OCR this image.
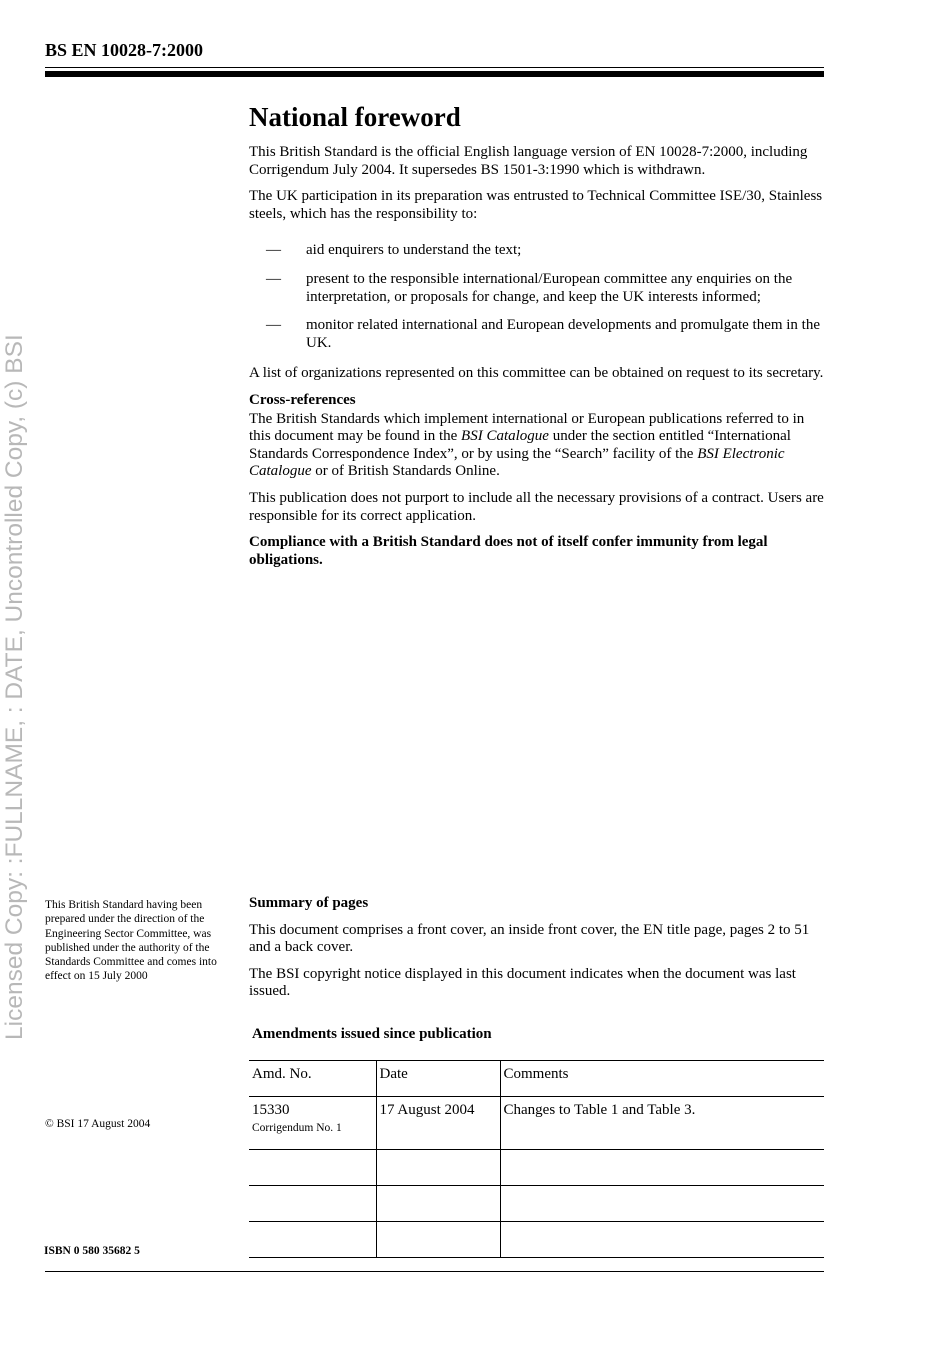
BS EN 10028-7:2000
Licensed Copy: :FULLNAME, : DATE, Uncontrolled Copy, (c) BSI
National foreword

This British Standard is the official English language version of EN 10028-7:2000, including Corrigendum July 2004. It supersedes BS 1501-3:1990 which is withdrawn.

The UK participation in its preparation was entrusted to Technical Committee ISE/30, Stainless steels, which has the responsibility to:

— aid enquirers to understand the text;
— present to the responsible international/European committee any enquiries on the interpretation, or proposals for change, and keep the UK interests informed;
— monitor related international and European developments and promulgate them in the UK.

A list of organizations represented on this committee can be obtained on request to its secretary.

Cross-references

The British Standards which implement international or European publications referred to in this document may be found in the BSI Catalogue under the section entitled “International Standards Correspondence Index”, or by using the “Search” facility of the BSI Electronic Catalogue or of British Standards Online.

This publication does not purport to include all the necessary provisions of a contract. Users are responsible for its correct application.

Compliance with a British Standard does not of itself confer immunity from legal obligations.

This British Standard having been prepared under the direction of the Engineering Sector Committee, was published under the authority of the Standards Committee and comes into effect on 15 July 2000
© BSI 17 August 2004
ISBN 0 580 35682 5
Summary of pages

This document comprises a front cover, an inside front cover, the EN title page, pages 2 to 51 and a back cover.

The BSI copyright notice displayed in this document indicates when the document was last issued.

Amendments issued since publication
Amd. No.	Date	Comments
15330
Corrigendum No. 1	17 August 2004	Changes to Table 1 and Table 3.
